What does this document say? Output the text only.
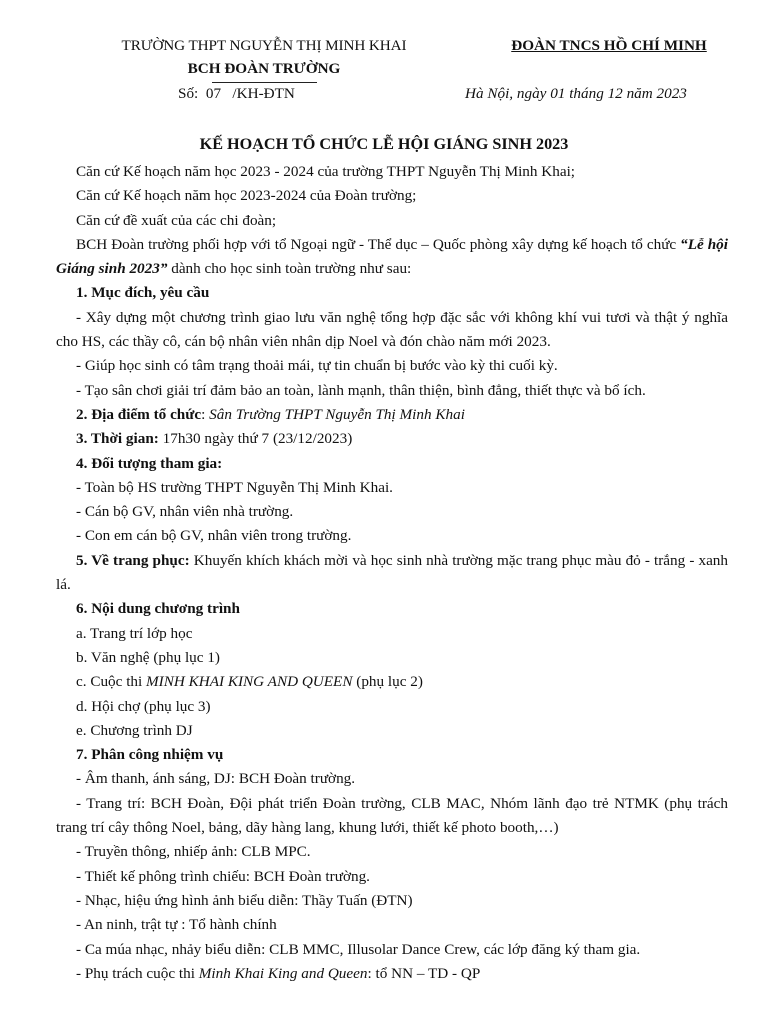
TRƯỜNG THPT NGUYỄN THỊ MINH KHAI
BCH ĐOÀN TRƯỜNG
ĐOÀN TNCS HỒ CHÍ MINH
Số:  07   /KH-ĐTN	Hà Nội, ngày 01 tháng 12 năm 2023
KẾ HOẠCH TỔ CHỨC LỄ HỘI GIÁNG SINH 2023

Căn cứ Kế hoạch năm học 2023 - 2024 của trường THPT Nguyễn Thị Minh Khai;

Căn cứ Kế hoạch năm học 2023-2024 của Đoàn trường;

Căn cứ đề xuất của các chi đoàn;

BCH Đoàn trường phối hợp với tổ Ngoại ngữ - Thể dục – Quốc phòng xây dựng kế hoạch tổ chức “Lễ hội Giáng sinh 2023” dành cho học sinh toàn trường như sau:

1. Mục đích, yêu cầu

- Xây dựng một chương trình giao lưu văn nghệ tổng hợp đặc sắc với không khí vui tươi và thật ý nghĩa cho HS, các thầy cô, cán bộ nhân viên nhân dịp Noel và đón chào năm mới 2023.

- Giúp học sinh có tâm trạng thoải mái, tự tin chuẩn bị bước vào kỳ thi cuối kỳ.

- Tạo sân chơi giải trí đảm bảo an toàn, lành mạnh, thân thiện, bình đẳng, thiết thực và bổ ích.

2. Địa điểm tổ chức: Sân Trường THPT Nguyễn Thị Minh Khai

3. Thời gian: 17h30 ngày thứ 7 (23/12/2023)

4. Đối tượng tham gia:

- Toàn bộ HS trường THPT Nguyễn Thị Minh Khai.

- Cán bộ GV, nhân viên nhà trường.

- Con em cán bộ GV, nhân viên trong trường.

5. Về trang phục: Khuyến khích khách mời và học sinh nhà trường mặc trang phục màu đỏ - trắng - xanh lá.

6. Nội dung chương trình

a. Trang trí lớp học

b. Văn nghệ (phụ lục 1)

c. Cuộc thi MINH KHAI KING AND QUEEN (phụ lục 2)

d. Hội chợ (phụ lục 3)

e. Chương trình DJ

7. Phân công nhiệm vụ

- Âm thanh, ánh sáng, DJ: BCH Đoàn trường.

- Trang trí: BCH Đoàn, Đội phát triển Đoàn trường, CLB MAC, Nhóm lãnh đạo trẻ NTMK (phụ trách trang trí cây thông Noel, bảng, dãy hàng lang, khung lưới, thiết kế photo booth,…)

- Truyền thông, nhiếp ảnh: CLB MPC.

- Thiết kế phông trình chiếu: BCH Đoàn trường.

- Nhạc, hiệu ứng hình ảnh biểu diễn: Thầy Tuấn (ĐTN)

- An ninh, trật tự : Tổ hành chính

- Ca múa nhạc, nhảy biểu diễn: CLB MMC, Illusolar Dance Crew, các lớp đăng ký tham gia.

- Phụ trách cuộc thi Minh Khai King and Queen: tổ NN – TD - QP
